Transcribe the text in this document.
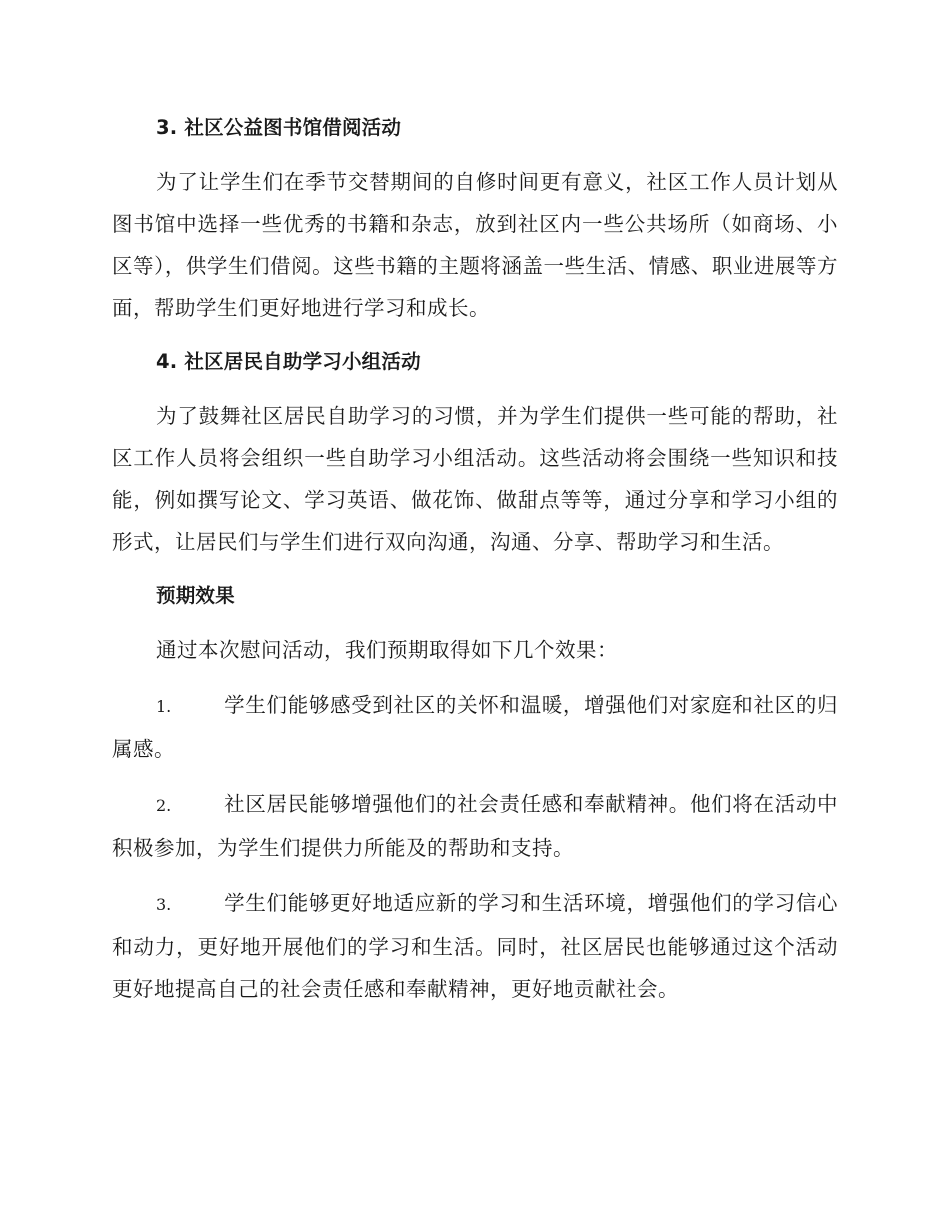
3. 社区公益图书馆借阅活动

为了让学生们在季节交替期间的自修时间更有意义，社区工作人员计划从图书馆中选择一些优秀的书籍和杂志，放到社区内一些公共场所（如商场、小区等），供学生们借阅。这些书籍的主题将涵盖一些生活、情感、职业进展等方面，帮助学生们更好地进行学习和成长。

4. 社区居民自助学习小组活动

为了鼓舞社区居民自助学习的习惯，并为学生们提供一些可能的帮助，社区工作人员将会组织一些自助学习小组活动。这些活动将会围绕一些知识和技能，例如撰写论文、学习英语、做花饰、做甜点等等，通过分享和学习小组的形式，让居民们与学生们进行双向沟通，沟通、分享、帮助学习和生活。

预期效果

通过本次慰问活动，我们预期取得如下几个效果：

1.	学生们能够感受到社区的关怀和温暖，增强他们对家庭和社区的归属感。

2.	社区居民能够增强他们的社会责任感和奉献精神。他们将在活动中积极参加，为学生们提供力所能及的帮助和支持。

3.	学生们能够更好地适应新的学习和生活环境，增强他们的学习信心和动力，更好地开展他们的学习和生活。同时，社区居民也能够通过这个活动更好地提高自己的社会责任感和奉献精神，更好地贡献社会。
